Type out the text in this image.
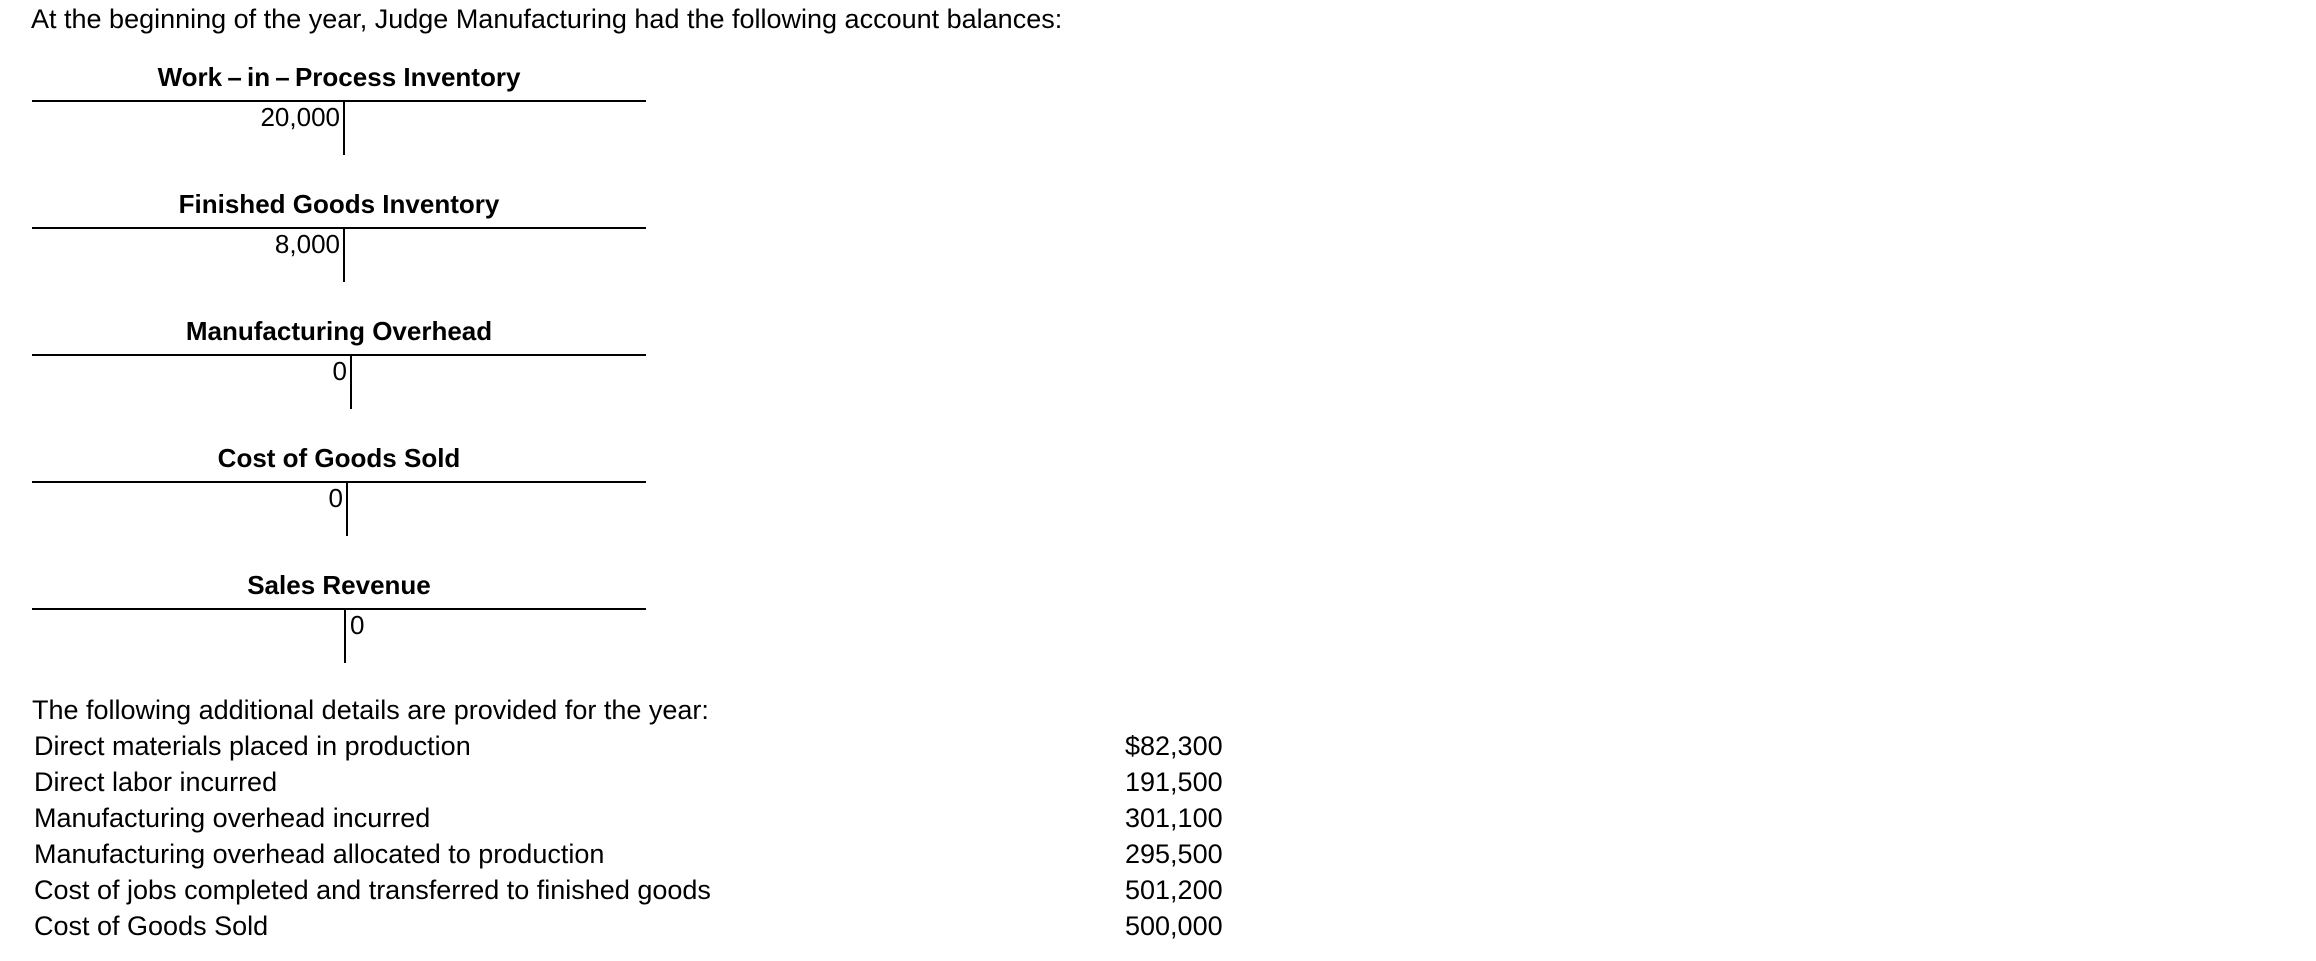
At the beginning of the year, Judge Manufacturing had the following account balances:
Work – in – Process Inventory
20,000
Finished Goods Inventory
8,000
Manufacturing Overhead
0
Cost of Goods Sold
0
Sales Revenue
0
The following additional details are provided for the year:
Direct materials placed in production	$82,300
Direct labor incurred	191,500
Manufacturing overhead incurred	301,100
Manufacturing overhead allocated to production	295,500
Cost of jobs completed and transferred to finished goods	501,200
Cost of Goods Sold	500,000
